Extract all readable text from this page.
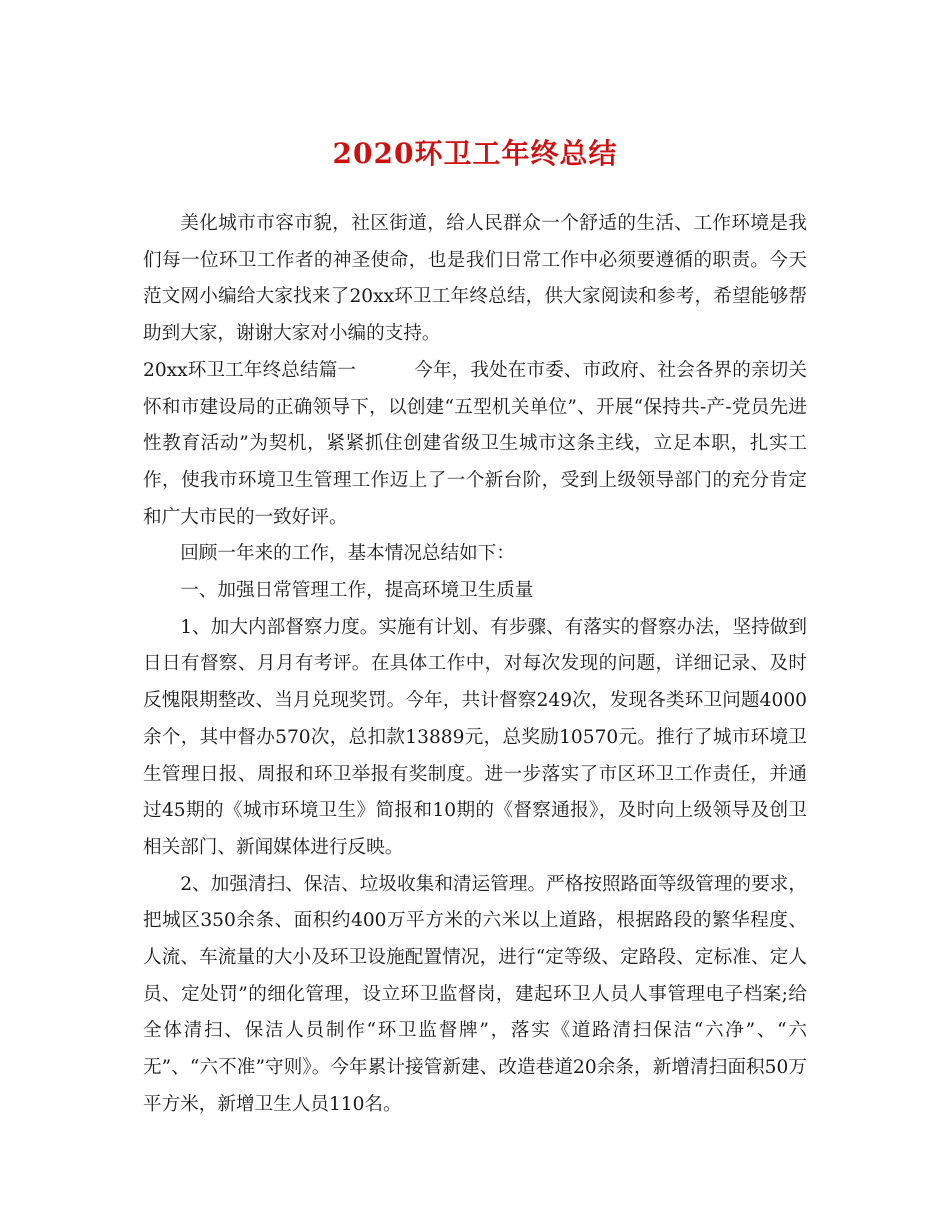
2020环卫工年终总结

美化城市市容市貌，社区街道，给人民群众一个舒适的生活、工作环境是我们每一位环卫工作者的神圣使命，也是我们日常工作中必须要遵循的职责。今天范文网小编给大家找来了20xx环卫工年终总结，供大家阅读和参考，希望能够帮助到大家，谢谢大家对小编的支持。

20xx环卫工年终总结篇一	今年，我处在市委、市政府、社会各界的亲切关怀和市建设局的正确领导下，以创建“五型机关单位”、开展“保持共-产-党员先进性教育活动”为契机，紧紧抓住创建省级卫生城市这条主线，立足本职，扎实工作，使我市环境卫生管理工作迈上了一个新台阶，受到上级领导部门的充分肯定和广大市民的一致好评。

回顾一年来的工作，基本情况总结如下：

一、加强日常管理工作，提高环境卫生质量

1、加大内部督察力度。实施有计划、有步骤、有落实的督察办法，坚持做到日日有督察、月月有考评。在具体工作中，对每次发现的问题，详细记录、及时反愧限期整改、当月兑现奖罚。今年，共计督察249次，发现各类环卫问题4000余个，其中督办570次，总扣款13889元，总奖励10570元。推行了城市环境卫生管理日报、周报和环卫举报有奖制度。进一步落实了市区环卫工作责任，并通过45期的《城市环境卫生》简报和10期的《督察通报》，及时向上级领导及创卫相关部门、新闻媒体进行反映。

2、加强清扫、保洁、垃圾收集和清运管理。严格按照路面等级管理的要求，把城区350余条、面积约400万平方米的六米以上道路，根据路段的繁华程度、人流、车流量的大小及环卫设施配置情况，进行“定等级、定路段、定标准、定人员、定处罚”的细化管理，设立环卫监督岗，建起环卫人员人事管理电子档案;给全体清扫、保洁人员制作“环卫监督牌”，落实《道路清扫保洁“六净”、“六无”、“六不准”守则》。今年累计接管新建、改造巷道20余条，新增清扫面积50万平方米，新增卫生人员110名。
